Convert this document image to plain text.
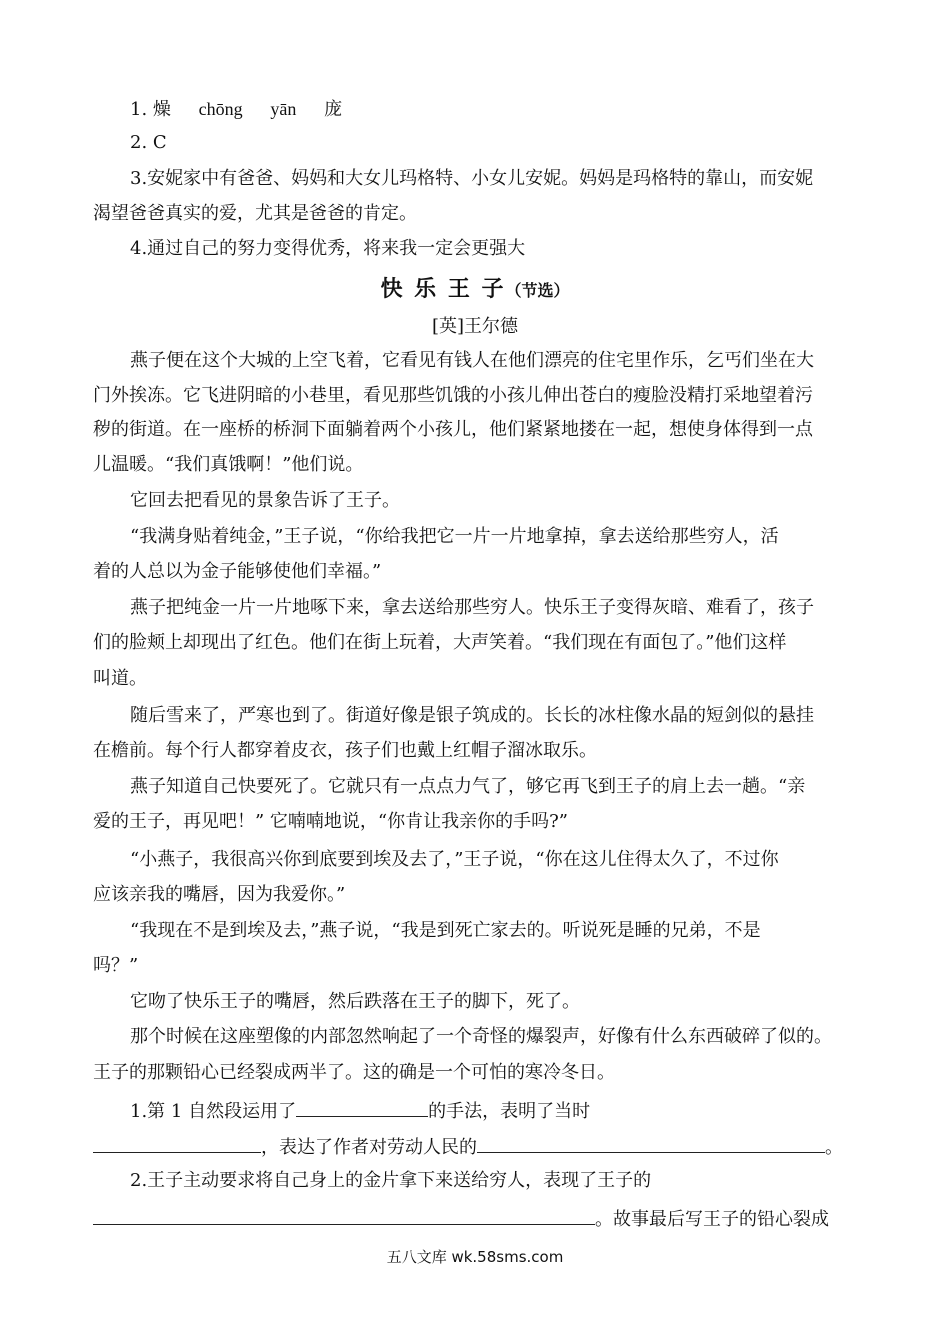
1. 燥 chōng yān 庞
2. C
3.安妮家中有爸爸、妈妈和大女儿玛格特、小女儿安妮。妈妈是玛格特的靠山，而安妮
渴望爸爸真实的爱，尤其是爸爸的肯定。
4.通过自己的努力变得优秀，将来我一定会更强大
快 乐 王 子（节选）
[英]王尔德
燕子便在这个大城的上空飞着，它看见有钱人在他们漂亮的住宅里作乐，乞丐们坐在大
门外挨冻。它飞进阴暗的小巷里，看见那些饥饿的小孩儿伸出苍白的瘦脸没精打采地望着污
秽的街道。在一座桥的桥洞下面躺着两个小孩儿，他们紧紧地搂在一起，想使身体得到一点
儿温暖。“我们真饿啊！”他们说。
它回去把看见的景象告诉了王子。
“我满身贴着纯金，”王子说，“你给我把它一片一片地拿掉，拿去送给那些穷人，活
着的人总以为金子能够使他们幸福。”
燕子把纯金一片一片地啄下来，拿去送给那些穷人。快乐王子变得灰暗、难看了，孩子
们的脸颊上却现出了红色。他们在街上玩着，大声笑着。“我们现在有面包了。”他们这样
叫道。
随后雪来了，严寒也到了。街道好像是银子筑成的。长长的冰柱像水晶的短剑似的悬挂
在檐前。每个行人都穿着皮衣，孩子们也戴上红帽子溜冰取乐。
燕子知道自己快要死了。它就只有一点点力气了，够它再飞到王子的肩上去一趟。“亲
爱的王子，再见吧！” 它喃喃地说，“你肯让我亲你的手吗?”
“小燕子，我很高兴你到底要到埃及去了，”王子说，“你在这儿住得太久了，不过你
应该亲我的嘴唇，因为我爱你。”
“我现在不是到埃及去，”燕子说，“我是到死亡家去的。听说死是睡的兄弟，不是
吗？”
它吻了快乐王子的嘴唇，然后跌落在王子的脚下，死了。
那个时候在这座塑像的内部忽然响起了一个奇怪的爆裂声，好像有什么东西破碎了似的。
王子的那颗铅心已经裂成两半了。这的确是一个可怕的寒冷冬日。
1.第 1 自然段运用了	的手法，表明了当时
，表达了作者对劳动人民的	。
2.王子主动要求将自己身上的金片拿下来送给穷人，表现了王子的
。故事最后写王子的铅心裂成
五八文库 wk.58sms.com
